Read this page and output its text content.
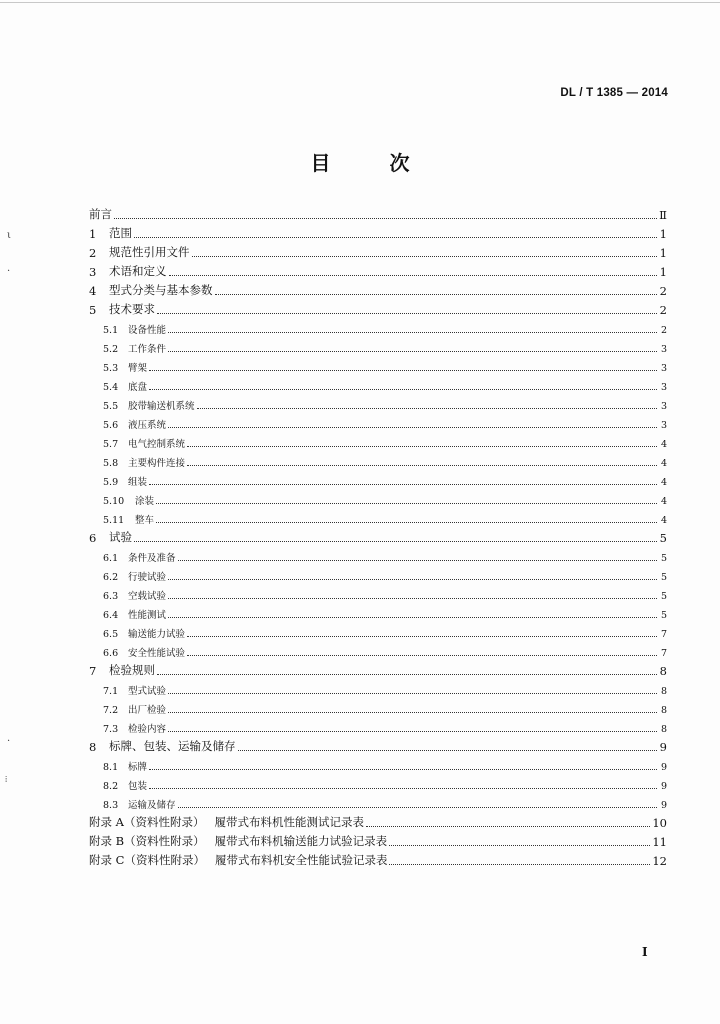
DL / T 1385 — 2014
目 次
前言	Ⅱ
1	范围	1
2	规范性引用文件	1
3	术语和定义	1
4	型式分类与基本参数	2
5	技术要求	2
5.1	设备性能	2
5.2	工作条件	3
5.3	臂架	3
5.4	底盘	3
5.5	胶带输送机系统	3
5.6	液压系统	3
5.7	电气控制系统	4
5.8	主要构件连接	4
5.9	组装	4
5.10	涂装	4
5.11	整车	4
6	试验	5
6.1	条件及准备	5
6.2	行驶试验	5
6.3	空载试验	5
6.4	性能测试	5
6.5	输送能力试验	7
6.6	安全性能试验	7
7	检验规则	8
7.1	型式试验	8
7.2	出厂检验	8
7.3	检验内容	8
8	标牌、包装、运输及储存	9
8.1	标牌	9
8.2	包装	9
8.3	运输及储存	9
附录 A（资料性附录） 履带式布料机性能测试记录表	10
附录 B（资料性附录） 履带式布料机输送能力试验记录表	11
附录 C（资料性附录） 履带式布料机安全性能试验记录表	12
I
ι
·
·
⁞
